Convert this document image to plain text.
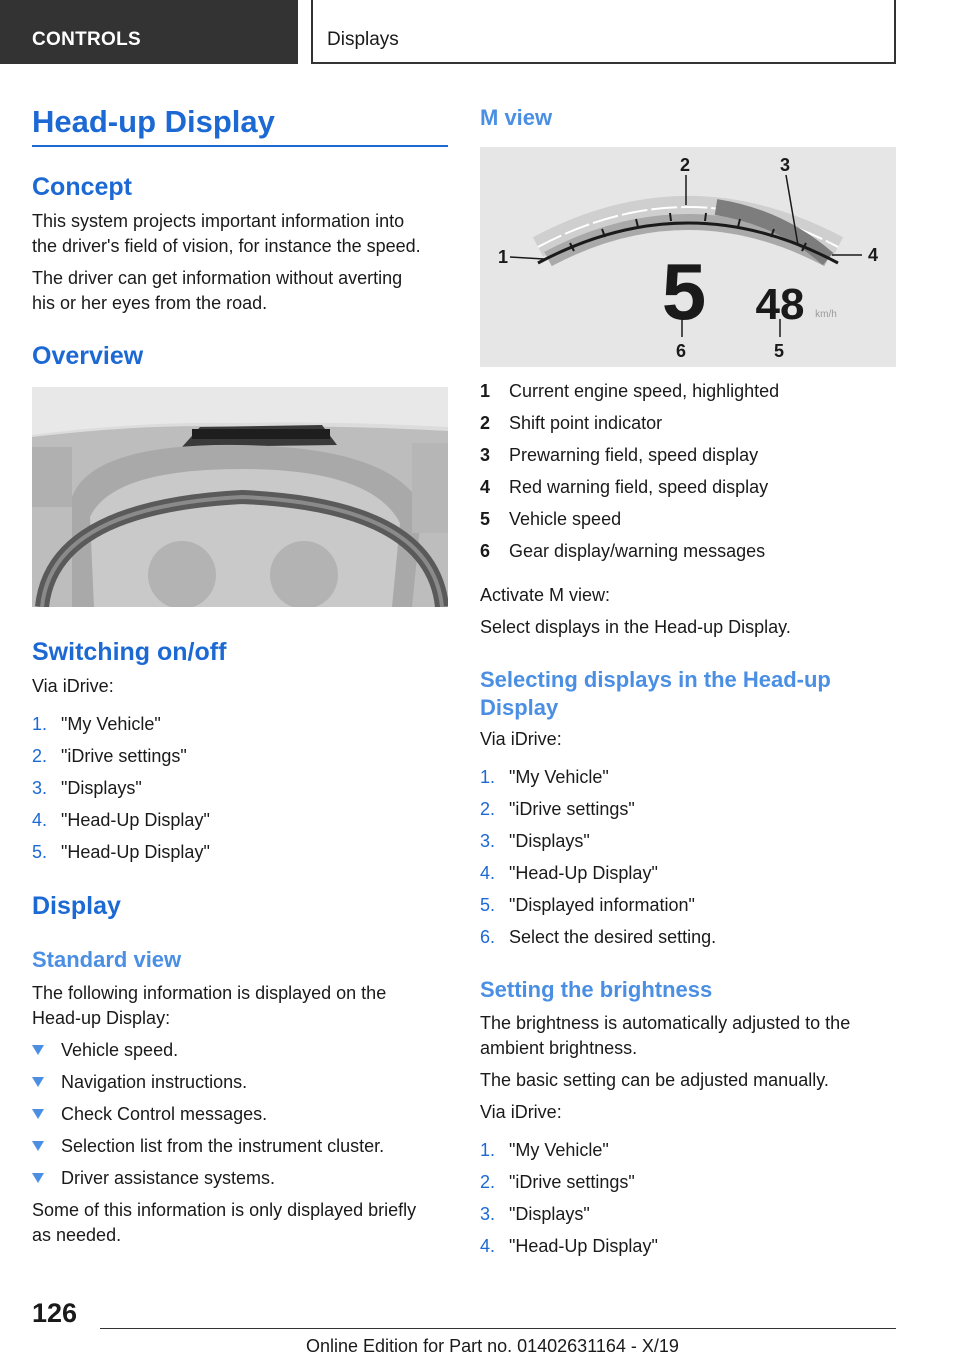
CONTROLS	Displays
Head-up Display
Concept
This system projects important information into
the driver's field of vision, for instance the speed.
The driver can get information without averting
his or her eyes from the road.
Overview
Switching on/off
Via iDrive:
1. "My Vehicle"
2. "iDrive settings"
3. "Displays"
4. "Head-Up Display"
5. "Head-Up Display"
Display
Standard view
The following information is displayed on the
Head-up Display:
Vehicle speed.
Navigation instructions.
Check Control messages.
Selection list from the instrument cluster.
Driver assistance systems.
Some of this information is only displayed briefly
as needed.
M view
5 48 km/h
1
2	3
4
5
6
1 Current engine speed, highlighted
2 Shift point indicator
3 Prewarning field, speed display
4 Red warning field, speed display
5 Vehicle speed
6 Gear display/warning messages
Activate M view:
Select displays in the Head-up Display.
Selecting displays in the Head-up
Display
Via iDrive:
1. "My Vehicle"
2. "iDrive settings"
3. "Displays"
4. "Head-Up Display"
5. "Displayed information"
6. Select the desired setting.
Setting the brightness
The brightness is automatically adjusted to the
ambient brightness.
The basic setting can be adjusted manually.
Via iDrive:
1. "My Vehicle"
2. "iDrive settings"
3. "Displays"
4. "Head-Up Display"
126
Online Edition for Part no. 01402631164 - X/19
